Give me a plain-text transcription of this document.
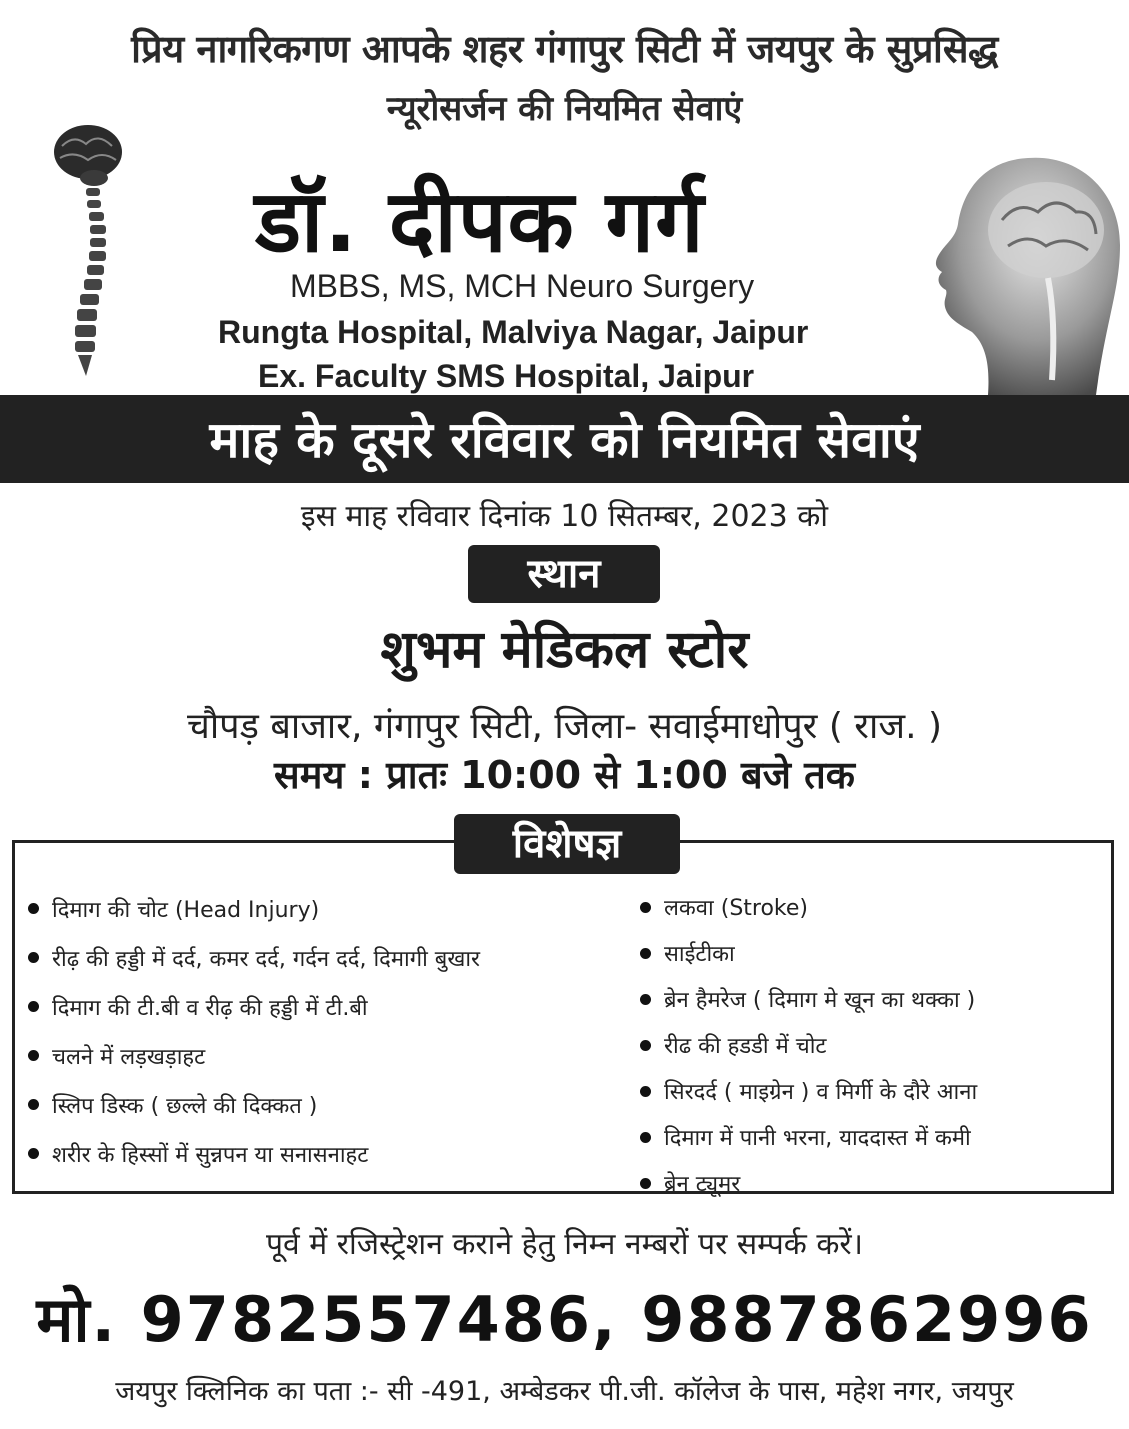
प्रिय नागरिकगण आपके शहर गंगापुर सिटी में जयपुर के सुप्रसिद्ध
न्यूरोसर्जन की नियमित सेवाएं
डॉ. दीपक गर्ग
MBBS, MS, MCH Neuro Surgery
Rungta Hospital, Malviya Nagar, Jaipur
Ex. Faculty SMS Hospital, Jaipur
माह के दूसरे रविवार को नियमित सेवाएं
इस माह रविवार दिनांक 10 सितम्बर, 2023 को
स्थान
शुभम मेडिकल स्टोर
चौपड़ बाजार, गंगापुर सिटी, जिला- सवाईमाधोपुर ( राज. )
समय : प्रातः 10:00 से 1:00 बजे तक
विशेषज्ञ
दिमाग की चोट (Head Injury)
रीढ़ की हड्डी में दर्द, कमर दर्द, गर्दन दर्द, दिमागी बुखार
दिमाग की टी.बी व रीढ़ की हड्डी में टी.बी
चलने में लड़खड़ाहट
स्लिप डिस्क ( छल्ले की दिक्कत )
शरीर के हिस्सों में सुन्नपन या सनासनाहट
लकवा (Stroke)
साईटीका
ब्रेन हैमरेज ( दिमाग मे खून का थक्का )
रीढ की हडडी में चोट
सिरदर्द ( माइग्रेन ) व मिर्गी के दौरे आना
दिमाग में पानी भरना, याददास्त में कमी
ब्रेन ट्यूमर
पूर्व में रजिस्ट्रेशन कराने हेतु निम्न नम्बरों पर सम्पर्क करें।
मो. 9782557486, 9887862996
जयपुर क्लिनिक का पता :- सी -491, अम्बेडकर पी.जी. कॉलेज के पास, महेश नगर, जयपुर
